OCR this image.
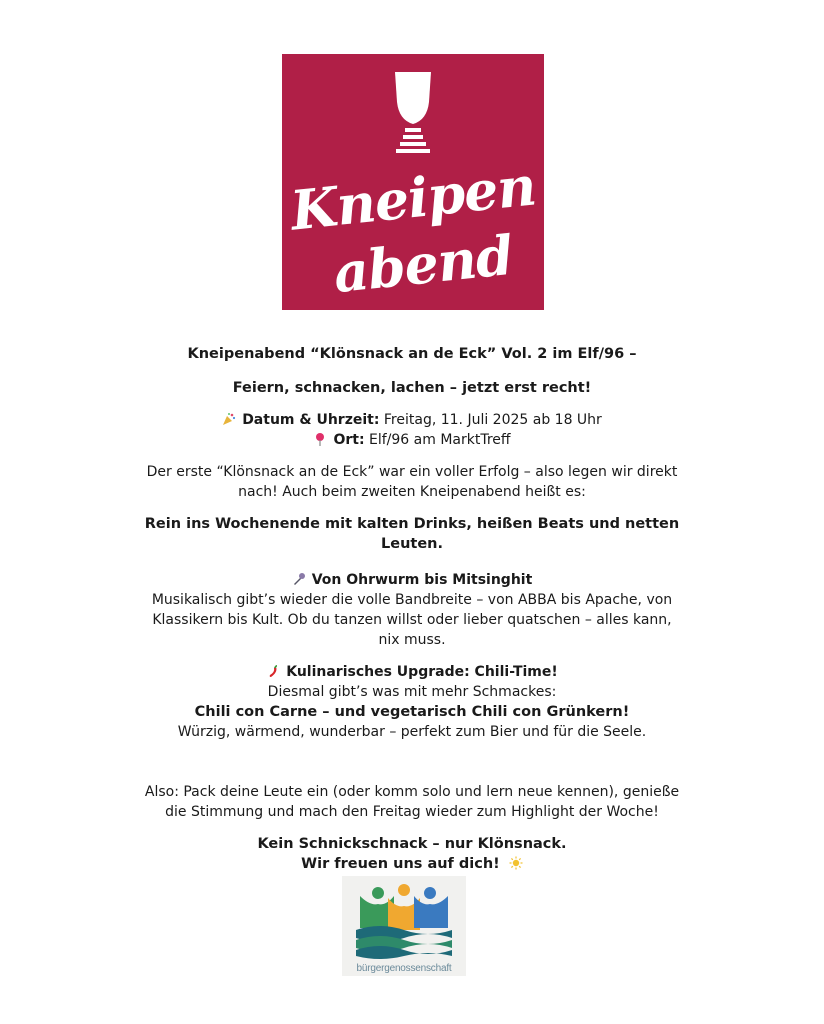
Kneipen
abend

Kneipenabend “Klönsnack an de Eck” Vol. 2 im Elf/96 –

Feiern, schnacken, lachen – jetzt erst recht!

Datum & Uhrzeit: Freitag, 11. Juli 2025 ab 18 Uhr

Ort: Elf/96 am MarktTreff

Der erste “Klönsnack an de Eck” war ein voller Erfolg – also legen wir direkt nach! Auch beim zweiten Kneipenabend heißt es:

Rein ins Wochenende mit kalten Drinks, heißen Beats und netten Leuten.

Von Ohrwurm bis Mitsinghit

Musikalisch gibt’s wieder die volle Bandbreite – von ABBA bis Apache, von Klassikern bis Kult. Ob du tanzen willst oder lieber quatschen – alles kann, nix muss.

Kulinarisches Upgrade: Chili-Time!

Diesmal gibt’s was mit mehr Schmackes:

Chili con Carne – und vegetarisch Chili con Grünkern!

Würzig, wärmend, wunderbar – perfekt zum Bier und für die Seele.

Also: Pack deine Leute ein (oder komm solo und lern neue kennen), genieße die Stimmung und mach den Freitag wieder zum Highlight der Woche!

Kein Schnickschnack – nur Klönsnack.

Wir freuen uns auf dich!

bürgergenossenschaft
